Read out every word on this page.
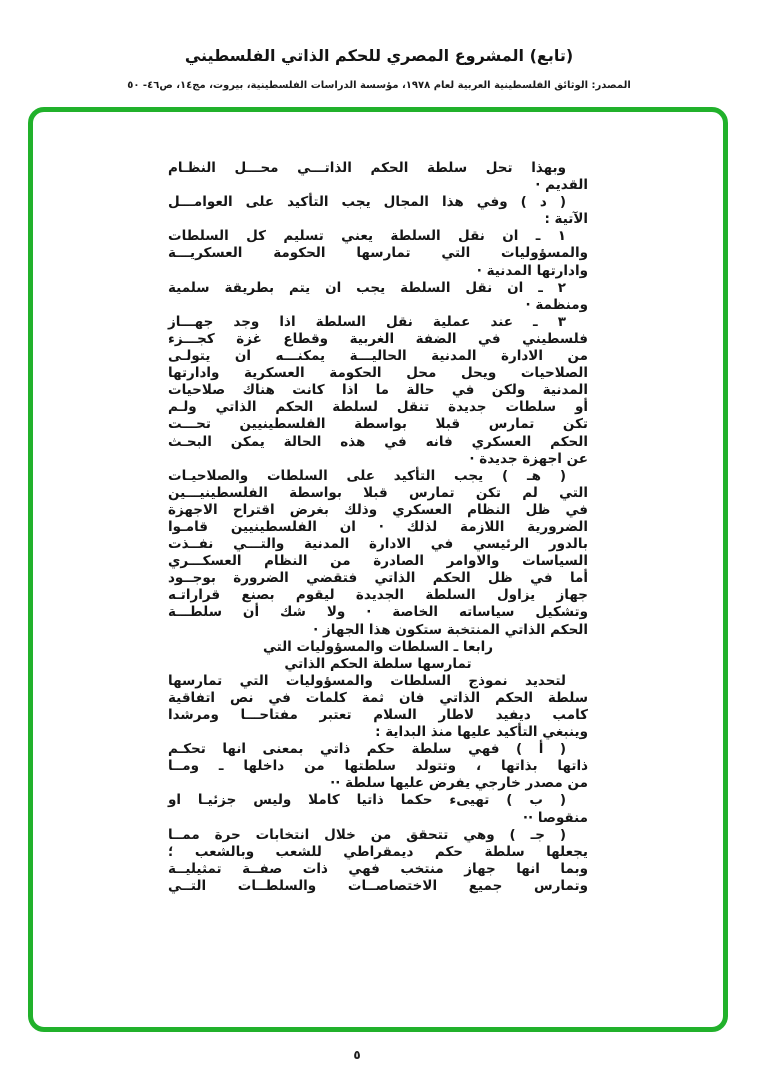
(تابع) المشروع المصري للحكم الذاتي الفلسطيني
المصدر: الوثائق الفلسطينية العربية لعام ١٩٧٨، مؤسسة الدراسات الفلسطينية، بيروت، مج١٤، ص٤٦- ٥٠
وبهذا تحل سلطة الحكم الذاتـــي محـــل النظـام
القديم ·
( د ) وفي هذا المجال يجب التأكيد على العوامـــل
الآتية :
١ ـ ان نقل السلطة يعني تسليم كل السلطات
والمسؤوليات التي تمارسها الحكومة العسكريـــة
وادارتها المدنية ·
٢ ـ ان نقل السلطة يجب ان يتم بطريقة سلمية
ومنظمة ·
٣ ـ عند عملية نقل السلطة اذا وجد جهـــاز
فلسطيني في الضفة الغربية وقطاع غزة كجـــزء
من الادارة المدنية الحاليـــة يمكنـــه ان يتولـى
الصلاحيات ويحل محل الحكومة العسكرية وادارتها
المدنية ولكن في حالة ما اذا كانت هناك صلاحيات
أو سلطات جديدة تنقل لسلطة الحكم الذاتي ولـم
تكن تمارس قبلا بواسطة الفلسطينيين تحـــت
الحكم العسكري فانه في هذه الحالة يمكن البحـث
عن اجهزة جديدة ·
( هـ ) يجب التأكيد على السلطات والصلاحيـات
التي لم تكن تمارس قبلا بواسطة الفلسطينيـــين
في ظل النظام العسكري وذلك بغرض اقتراح الاجهزة
الضرورية اللازمة لذلك · ان الفلسطينيين قامـوا
بالدور الرئيسي في الادارة المدنية والتـــي نفــذت
السياسات والاوامر الصادرة من النظام العسكـــري
أما في ظل الحكم الذاتي فتقضي الضرورة بوجــود
جهاز يزاول السلطة الجديدة ليقوم بصنع قراراتـه
وتشكيل سياساته الخاصة · ولا شك أن سلطـــة
الحكم الذاتي المنتخبة ستكون هذا الجهاز ·
رابعا ـ السلطات والمسؤوليات التي
تمارسها سلطة الحكم الذاتي
لتحديد نموذج السلطات والمسؤوليات التي تمارسها
سلطة الحكم الذاتي فان ثمة كلمات في نص اتفاقية
كامب ديفيد لاطار السلام تعتبر مفتاحـــا ومرشدا
وينبغي التأكيد عليها منذ البداية :
( أ ) فهي سلطة حكم ذاتي بمعنى انها تحكـم
ذاتها بذاتها ، وتتولد سلطتها من داخلها ـ ومــا
من مصدر خارجي يفرض عليها سلطة ··
( ب ) تهيىء حكما ذاتيا كاملا وليس جزئيـا او
منقوصا ··
( جـ ) وهي تتحقق من خلال انتخابات حرة ممــا
يجعلها سلطة حكم ديمقراطي للشعب وبالشعب ؛
وبما انها جهاز منتخب فهي ذات صفــة تمثيليــة
وتمارس جميع الاختصاصــات والسلطــات التــي
٥
